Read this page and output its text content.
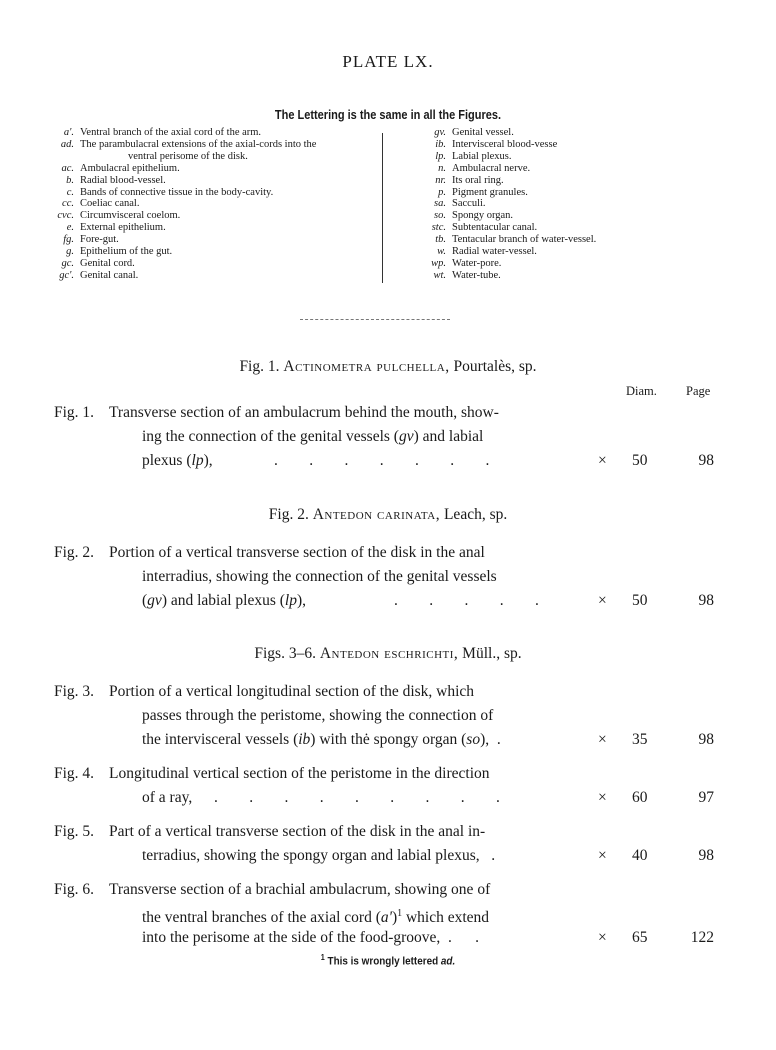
PLATE LX.
The Lettering is the same in all the Figures.
a'. Ventral branch of the axial cord of the arm.
ad. The parambulacral extensions of the axial-cords into the
ventral perisome of the disk.
ac. Ambulacral epithelium.
b. Radial blood-vessel.
c. Bands of connective tissue in the body-cavity.
cc. Coeliac canal.
cvc. Circumvisceral coelom.
e. External epithelium.
fg. Fore-gut.
g. Epithelium of the gut.
gc. Genital cord.
gc'. Genital canal.
gv. Genital vessel.
ib. Intervisceral blood-vesse
lp. Labial plexus.
n. Ambulacral nerve.
nr. Its oral ring.
p. Pigment granules.
sa. Sacculi.
so. Spongy organ.
stc. Subtentacular canal.
tb. Tentacular branch of water-vessel.
w. Radial water-vessel.
wp. Water-pore.
wt. Water-tube.
Fig. 1. Actinometra pulchella, Pourtalès, sp.
Diam. Page
Fig. 1. Transverse section of an ambulacrum behind the mouth, show-
ing the connection of the genital vessels (gv) and labial
plexus (lp),	.     .     .     .     .     .     .	× 50	98
Fig. 2. Antedon carinata, Leach, sp.
Fig. 2. Portion of a vertical transverse section of the disk in the anal
interradius, showing the connection of the genital vessels
(gv) and labial plexus (lp),	.     .     .     .     .	× 50	98
Figs. 3–6. Antedon eschrichti, Müll., sp.
Fig. 3. Portion of a vertical longitudinal section of the disk, which
passes through the peristome, showing the connection of
the intervisceral vessels (ib) with thė spongy organ (so),  .	× 35	98
Fig. 4. Longitudinal vertical section of the peristome in the direction
of a ray, .     .     .     .     .     .     .     .     .	× 60	97
Fig. 5. Part of a vertical transverse section of the disk in the anal in-
terradius, showing the spongy organ and labial plexus,   .	× 40	98
Fig. 6. Transverse section of a brachial ambulacrum, showing one of
the ventral branches of the axial cord $(a')^1$ which extend
into the perisome at the side of the food-groove,  .      .	× 65	122
$^1$ This is wrongly lettered ad.
